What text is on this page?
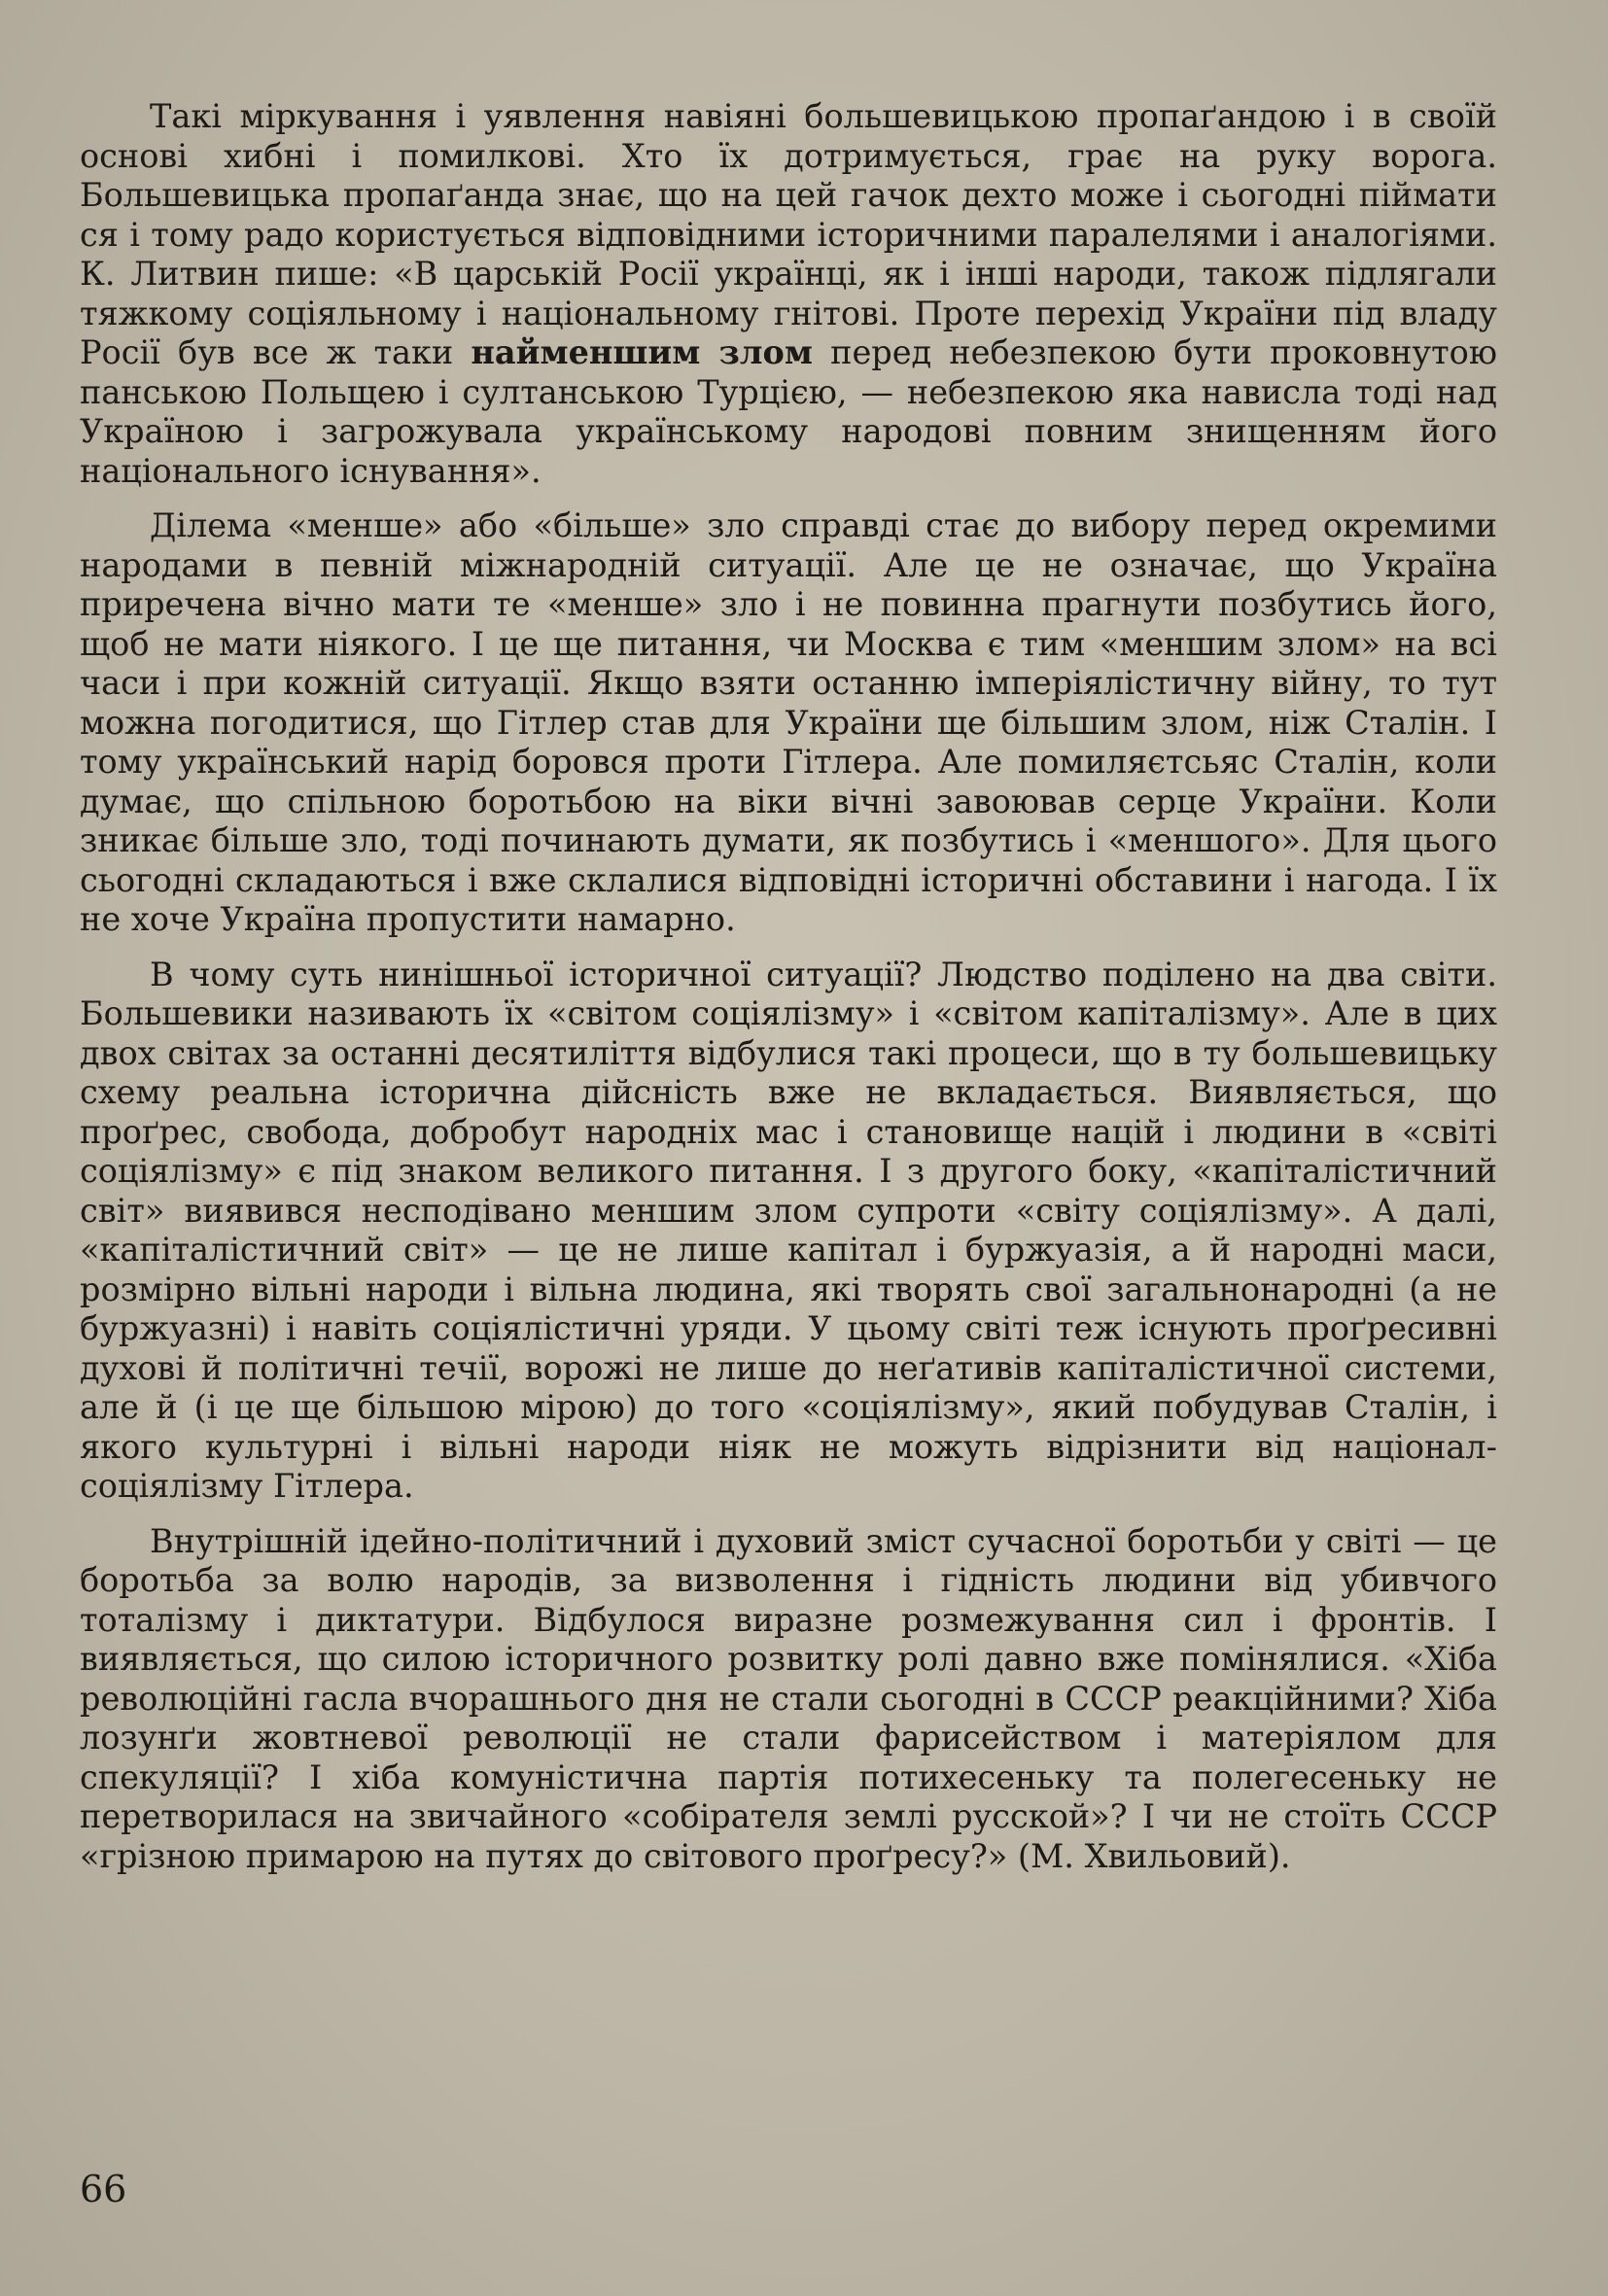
Такі міркування і уявлення навіяні большевицькою пропаґандою і в своїй основі хибні і помилкові. Хто їх дотримується, грає на руку ворога. Большевицька пропаґанда знає, що на цей гачок дехто може і сьогодні піймати ся і тому радо користується відповідними історичними паралелями і аналогіями. К. Литвин пише: «В царській Росії українці, як і інші народи, також підлягали тяжкому соціяльному і національному гнітові. Проте перехід України під владу Росії був все ж таки найменшим злом перед небезпекою бути проковнутою панською Польщею і султанською Турцією, — небезпекою яка нависла тоді над Україною і загрожувала українському народові повним знищенням його національного існування».

Ділема «менше» або «більше» зло справді стає до вибору перед окремими народами в певній міжнародній ситуації. Але це не означає, що Україна приречена вічно мати те «менше» зло і не повинна прагнути позбутись його, щоб не мати ніякого. І це ще питання, чи Москва є тим «меншим злом» на всі часи і при кожній ситуації. Якщо взяти останню імперіялістичну війну, то тут можна погодитися, що Гітлер став для України ще більшим злом, ніж Сталін. І тому український нарід боровся проти Гітлера. Але помиляєтсьяс Сталін, коли думає, що спільною боротьбою на віки вічні завоював серце України. Коли зникає більше зло, тоді починають думати, як позбутись і «меншого». Для цього сьогодні складаються і вже склалися відповідні історичні обставини і нагода. І їх не хоче Україна пропустити намарно.

В чому суть нинішньої історичної ситуації? Людство поділено на два світи. Большевики називають їх «світом соціялізму» і «світом капіталізму». Але в цих двох світах за останні десятиліття відбулися такі процеси, що в ту большевицьку схему реальна історична дійсність вже не вкладається. Виявляється, що проґрес, свобода, добробут народніх мас і становище націй і людини в «світі соціялізму» є під знаком великого питання. І з другого боку, «капіталістичний світ» виявився несподівано меншим злом супроти «світу соціялізму». А далі, «капіталістичний світ» — це не лише капітал і буржуазія, а й народні маси, розмірно вільні народи і вільна людина, які творять свої загальнонародні (а не буржуазні) і навіть соціялістичні уряди. У цьому світі теж існують проґресивні духові й політичні течії, ворожі не лише до неґативів капіталістичної системи, але й (і це ще більшою мірою) до того «соціялізму», який побудував Сталін, і якого культурні і вільні народи ніяк не можуть відрізнити від націонал-соціялізму Гітлера.

Внутрішній ідейно-політичний і духовий зміст сучасної боротьби у світі — це боротьба за волю народів, за визволення і гідність людини від убивчого тоталізму і диктатури. Відбулося виразне розмежування сил і фронтів. І виявляється, що силою історичного розвитку ролі давно вже помінялися. «Хіба революційні гасла вчорашнього дня не стали сьогодні в СССР реакційними? Хіба лозунґи жовтневої революції не стали фарисейством і матеріялом для спекуляції? І хіба комуністична партія потихесеньку та полегесеньку не перетворилася на звичайного «собірателя землі русской»? І чи не стоїть СССР «грізною примарою на путях до світового проґресу?» (М. Хвильовий).

66
